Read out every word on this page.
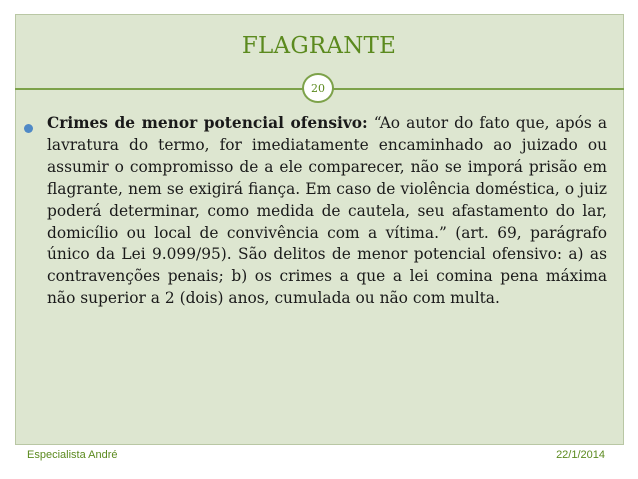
FLAGRANTE
20
Crimes de menor potencial ofensivo: “Ao autor do fato que, após a lavratura do termo, for imediatamente encaminhado ao juizado ou assumir o compromisso de a ele comparecer, não se imporá prisão em flagrante, nem se exigirá fiança. Em caso de violência doméstica, o juiz poderá determinar, como medida de cautela, seu afastamento do lar, domicílio ou local de convivência com a vítima.” (art. 69, parágrafo único da Lei 9.099/95). São delitos de menor potencial ofensivo: a) as contravenções penais; b) os crimes a que a lei comina pena máxima não superior a 2 (dois) anos, cumulada ou não com multa.
Especialista André	22/1/2014
